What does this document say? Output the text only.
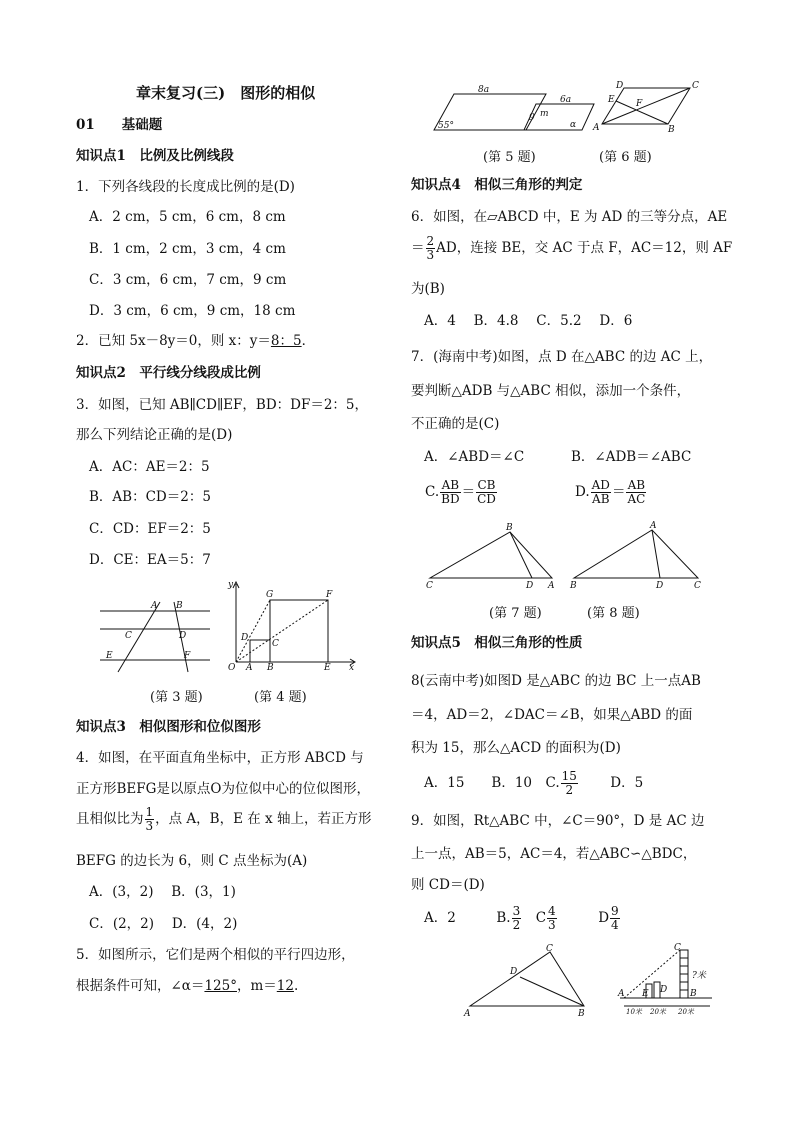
章末复习(三)　图形的相似
01　　 基础题
知识点1　比例及比例线段
1．下列各线段的长度成比例的是(D)
A．2 cm，5 cm，6 cm，8 cm
B．1 cm，2 cm，3 cm，4 cm
C．3 cm，6 cm，7 cm，9 cm
D．3 cm，6 cm，9 cm，18 cm
2．已知 5x－8y＝0，则 x：y＝8：5．
知识点2　平行线分线段成比例
3．如图，已知 AB∥CD∥EF，BD：DF＝2：5，
那么下列结论正确的是(D)
A．AC：AE＝2：5
B．AB：CD＝2：5
C．CD：EF＝2：5
D．CE：EA＝5：7
(第 3 题)	(第 4 题)
知识点3　相似图形和位似图形
4．如图，在平面直角坐标中，正方形 ABCD 与
正方形BEFG是以原点O为位似中心的位似图形，
且相似比为 $\frac{1}{3}$ ，点 A，B，E 在 x 轴上，若正方形
BEFG 的边长为 6，则 C 点坐标为(A)
A．(3，2)　 B．(3，1)
C．(2，2)　 D．(4，2)
5．如图所示，它们是两个相似的平行四边形，
根据条件可知，∠α＝125°，m＝12.
A B
C	D
E	F
y
G	F
D
C
O A B	E x
(第 5 题)	(第 6 题)
知识点4　相似三角形的判定
6．如图，在▱ABCD 中，E 为 AD 的三等分点，AE
＝ $\frac{2}{3}$ AD，连接 BE，交 AC 于点 F，AC＝12，则 AF
为(B)
A．4　 B．4.8　 C．5.2　 D．6
7．(海南中考)如图，点 D 在△ABC 的边 AC 上，
要判断△ADB 与△ABC 相似，添加一个条件，
不正确的是(C)
A．∠ABD＝∠C	B．∠ADB＝∠ABC
C. $\frac{AB}{BD} = \frac{CB}{CD}$	D. $\frac{AD}{AB} = \frac{AB}{AC}$
(第 7 题)	(第 8 题)
知识点5　相似三角形的性质
8(云南中考)如图D 是△ABC 的边 BC 上一点AB
＝4，AD＝2，∠DAC＝∠B，如果△ABD 的面
积为 15，那么△ACD 的面积为(D)
A．15　　B．10　C. $\frac{15}{2}$ 　　 D．5
9．如图，Rt△ABC 中，∠C＝90°，D 是 AC 边
上一点，AB＝5，AC＝4，若△ABC∽△BDC，
则 CD＝(D)
A．2　　　	B. $\frac{3}{2}$
　 C $\frac{4}{3}$
　　　	D $\frac{9}{4}$
8a
m
55°
6a
9
α
D	C
E F
A	B
B
C	D A
A
B	D	C
C
D
A	B
C
?米
A E D	B
10米 20米 20米
